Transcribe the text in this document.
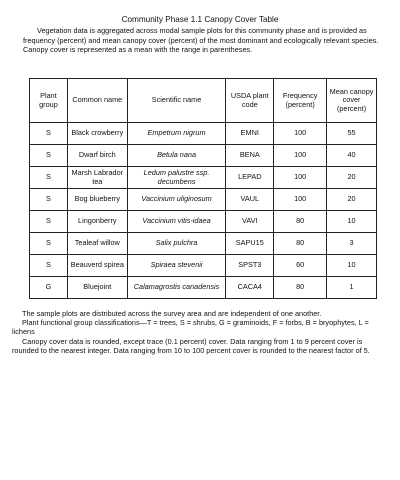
Community Phase 1.1 Canopy Cover Table
Vegetation data is aggregated across modal sample plots for this community phase and is provided as frequency (percent) and mean canopy cover (percent) of the most dominant and ecologically relevant species. Canopy cover is represented as a mean with the range in parentheses.
Plant group	Common name	Scientific name	USDA plant code	Frequency (percent)	Mean canopy cover (percent)
S	Black crowberry	Empetrum nigrum	EMNI	100	55
S	Dwarf birch	Betula nana	BENA	100	40
S	Marsh Labrador tea	Ledum palustre ssp. decumbens	LEPAD	100	20
S	Bog blueberry	Vaccinium uliginosum	VAUL	100	20
S	Lingonberry	Vaccinium vitis-idaea	VAVI	80	10
S	Tealeaf willow	Salix pulchra	SAPU15	80	3
S	Beauverd spirea	Spiraea stevenii	SPST3	60	10
G	Bluejoint	Calamagrostis canadensis	CACA4	80	1

The sample plots are distributed across the survey area and are independent of one another.

Plant functional group classifications—T = trees, S = shrubs, G = graminoids, F = forbs, B = bryophytes, L = lichens

Canopy cover data is rounded, except trace (0.1 percent) cover. Data ranging from 1 to 9 percent cover is rounded to the nearest integer. Data ranging from 10 to 100 percent cover is rounded to the nearest factor of 5.
